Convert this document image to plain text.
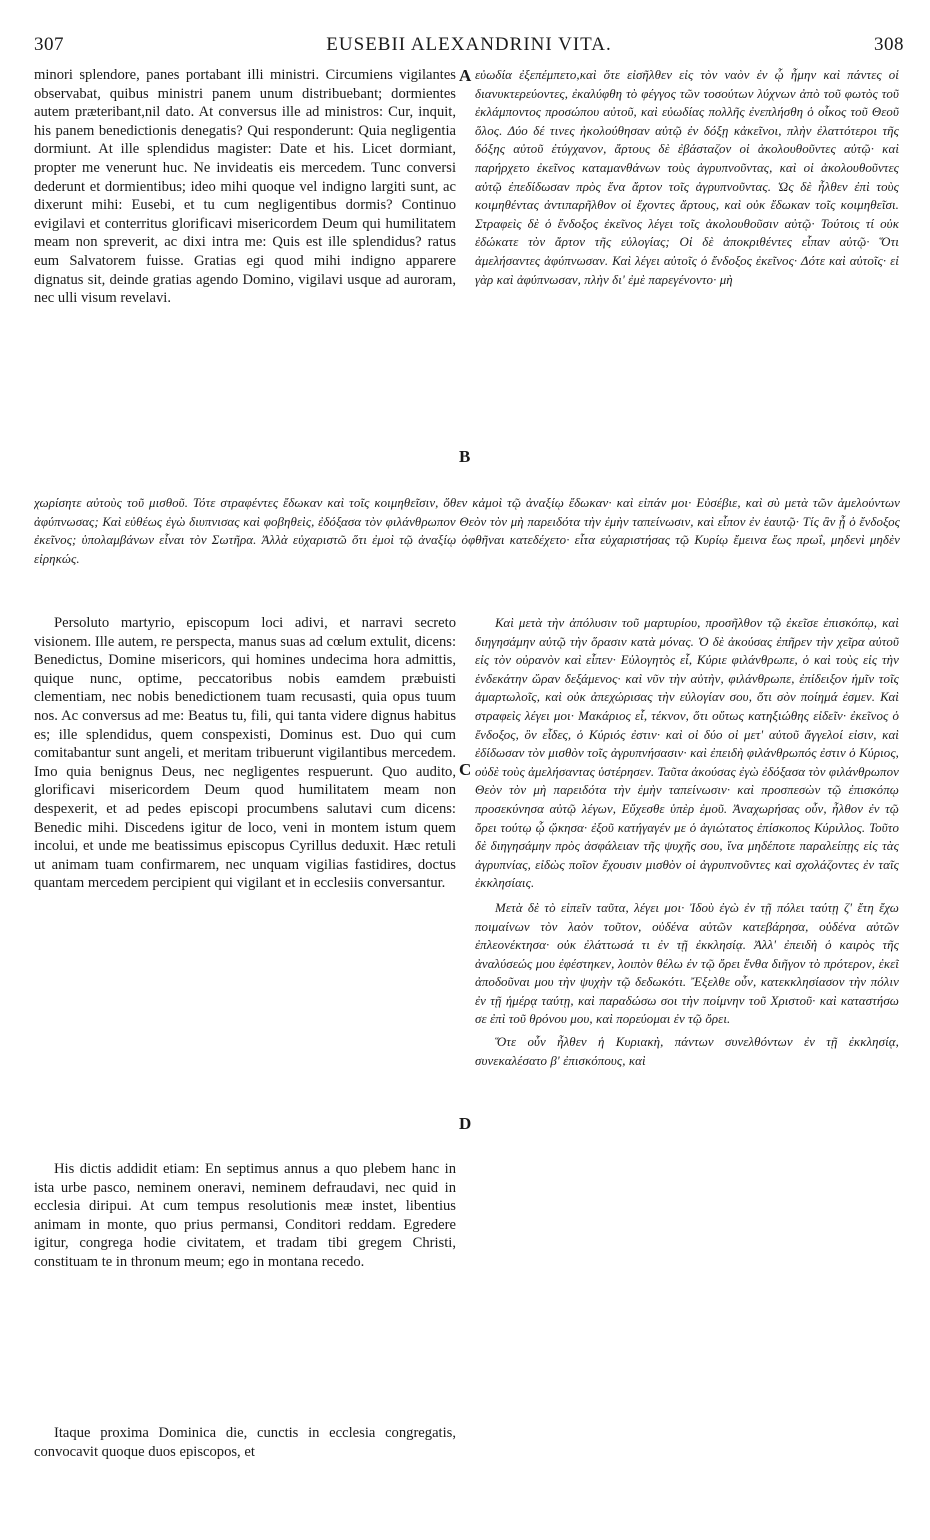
307	EUSEBII ALEXANDRINI VITA.	308

minori splendore, panes portabant illi ministri. Circumiens vigilantes observabat, quibus ministri panem unum distribuebant; dormientes autem præteribant,nil dato. At conversus ille ad ministros: Cur, inquit, his panem benedictionis denegatis? Qui responderunt: Quia negligentia dormiunt. At ille splendidus magister: Date et his. Licet dormiant, propter me venerunt huc. Ne invideatis eis mercedem. Tunc conversi dederunt et dormientibus; ideo mihi quoque vel indigno largiti sunt, ac dixerunt mihi: Eusebi, et tu cum negligentibus dormis? Continuo evigilavi et conterritus glorificavi misericordem Deum qui humilitatem meam non spreverit, ac dixi intra me: Quis est ille splendidus? ratus eum Salvatorem fuisse. Gratias egi quod mihi indigno apparere dignatus sit, deinde gratias agendo Domino, vigilavi usque ad auroram, nec ulli visum revelavi.

εὐωδία ἐξεπέμπετο,καὶ ὅτε εἰσῆλθεν εἰς τὸν ναὸν ἐν ᾧ ἦμην καὶ πάντες οἱ διανυκτερεύοντες, ἐκαλύφθη τὸ φέγγος τῶν τοσούτων λύχνων ἀπὸ τοῦ φωτὸς τοῦ ἐκλάμποντος προσώπου αὐτοῦ, καὶ εὐωδίας πολλῆς ἐνεπλήσθη ὁ οἶκος τοῦ Θεοῦ ὅλος. Δύο δέ τινες ἠκολούθησαν αὐτῷ ἐν δόξῃ κἀκεῖνοι, πλὴν ἐλαττότεροι τῆς δόξης αὐτοῦ ἐτύγχανον, ἄρτους δὲ ἐβάσταζον οἱ ἀκολουθοῦντες αὐτῷ· καὶ παρήρχετο ἐκεῖνος καταμανθάνων τοὺς ἀγρυπνοῦντας, καὶ οἱ ἀκολουθοῦντες αὐτῷ ἐπεδίδωσαν πρὸς ἕνα ἄρτον τοῖς ἀγρυπνοῦντας. Ὡς δὲ ἦλθεν ἐπὶ τοὺς κοιμηθέντας ἀντιπαρῆλθον οἱ ἔχοντες ἄρτους, καὶ οὐκ ἔδωκαν τοῖς κοιμηθεῖσι. Στραφεὶς δὲ ὁ ἔνδοξος ἐκεῖνος λέγει τοῖς ἀκολουθοῦσιν αὐτῷ· Τούτοις τί οὐκ ἐδώκατε τὸν ἄρτον τῆς εὐλογίας; Οἱ δὲ ἀποκριθέντες εἶπαν αὐτῷ· Ὅτι ἀμελήσαντες ἀφύπνωσαν. Καὶ λέγει αὐτοῖς ὁ ἔνδοξος ἐκεῖνος· Δότε καὶ αὐτοῖς· εἰ γὰρ καὶ ἀφύπνωσαν, πλὴν δι' ἐμὲ παρεγένοντο· μὴ

χωρίσητε αὐτοὺς τοῦ μισθοῦ. Τότε στραφέντες ἔδωκαν καὶ τοῖς κοιμηθεῖσιν, ὅθεν κἀμοὶ τῷ ἀναξίῳ ἔδωκαν· καὶ εἰπάν μοι· Εὐσέβιε, καὶ σὺ μετὰ τῶν ἀμελούντων ἀφύπνωσας; Καὶ εὐθέως ἐγὼ διυπνισας καὶ φοβηθεὶς, ἐδόξασα τὸν φιλάνθρωπον Θεὸν τὸν μὴ παρειδότα τὴν ἐμὴν ταπείνωσιν, καὶ εἶπον ἐν ἑαυτῷ· Τίς ἂν ᾖ ὁ ἔνδοξος ἐκεῖνος; ὑπολαμβάνων εἶναι τὸν Σωτῆρα. Ἀλλὰ εὐχαριστῶ ὅτι ἐμοὶ τῷ ἀναξίῳ ὀφθῆναι κατεδέχετο· εἶτα εὐχαριστήσας τῷ Κυρίῳ ἔμεινα ἕως πρωΐ, μηδενὶ μηδὲν εἰρηκώς.

Persoluto martyrio, episcopum loci adivi, et narravi secreto visionem. Ille autem, re perspecta, manus suas ad cœlum extulit, dicens: Benedictus, Domine misericors, qui homines undecima hora admittis, quique nunc, optime, peccatoribus nobis eamdem præbuisti clementiam, nec nobis benedictionem tuam recusasti, quia opus tuum nos. Ac conversus ad me: Beatus tu, fili, qui tanta videre dignus habitus es; ille splendidus, quem conspexisti, Dominus est. Duo qui cum comitabantur sunt angeli, et meritam tribuerunt vigilantibus mercedem. Imo quia benignus Deus, nec negligentes respuerunt. Quo audito, glorificavi misericordem Deum quod humilitatem meam non despexerit, et ad pedes episcopi procumbens salutavi cum dicens: Benedic mihi. Discedens igitur de loco, veni in montem istum quem incolui, et unde me beatissimus episcopus Cyrillus deduxit. Hæc retuli ut animam tuam confirmarem, nec unquam vigilias fastidires, doctus quantam mercedem percipient qui vigilant et in ecclesiis conversantur.

His dictis addidit etiam: En septimus annus a quo plebem hanc in ista urbe pasco, neminem oneravi, neminem defraudavi, nec quid in ecclesia diripui. At cum tempus resolutionis meæ instet, libentius animam in monte, quo prius permansi, Conditori reddam. Egredere igitur, congrega hodie civitatem, et tradam tibi gregem Christi, constituam te in thronum meum; ego in montana recedo.

Itaque proxima Dominica die, cunctis in ecclesia congregatis, convocavit quoque duos episcopos, et

Καὶ μετὰ τὴν ἀπόλυσιν τοῦ μαρτυρίου, προσῆλθον τῷ ἐκεῖσε ἐπισκόπῳ, καὶ διηγησάμην αὐτῷ τὴν ὅρασιν κατὰ μόνας. Ὁ δὲ ἀκούσας ἐπῆρεν τὴν χεῖρα αὐτοῦ εἰς τὸν οὐρανὸν καὶ εἶπεν· Εὐλογητὸς εἶ, Κύριε φιλάνθρωπε, ὁ καὶ τοὺς εἰς τὴν ἑνδεκάτην ὥραν δεξάμενος· καὶ νῦν τὴν αὐτὴν, φιλάνθρωπε, ἐπίδειξον ἡμῖν τοῖς ἁμαρτωλοῖς, καὶ οὐκ ἀπεχώρισας τὴν εὐλογίαν σου, ὅτι σὸν ποίημά ἐσμεν. Καὶ στραφεὶς λέγει μοι· Μακάριος εἶ, τέκνον, ὅτι οὕτως κατηξιώθης εἰδεῖν· ἐκεῖνος ὁ ἔνδοξος, ὃν εἶδες, ὁ Κύριός ἐστιν· καὶ οἱ δύο οἱ μετ' αὐτοῦ ἄγγελοί εἰσιν, καὶ ἐδίδωσαν τὸν μισθὸν τοῖς ἀγρυπνήσασιν· καὶ ἐπειδὴ φιλάνθρωπός ἐστιν ὁ Κύριος, οὐδὲ τοὺς ἀμελήσαντας ὑστέρησεν. Ταῦτα ἀκούσας ἐγὼ ἐδόξασα τὸν φιλάνθρωπον Θεὸν τὸν μὴ παρειδότα τὴν ἐμὴν ταπείνωσιν· καὶ προσπεσὼν τῷ ἐπισκόπῳ προσεκύνησα αὐτῷ λέγων, Εὔχεσθε ὑπὲρ ἐμοῦ. Ἀναχωρήσας οὖν, ἦλθον ἐν τῷ ὄρει τούτῳ ᾧ ᾤκησα· ἐξοῦ κατήγαγέν με ὁ ἁγιώτατος ἐπίσκοπος Κύριλλος. Τοῦτο δὲ διηγησάμην πρὸς ἀσφάλειαν τῆς ψυχῆς σου, ἵνα μηδέποτε παραλείπῃς εἰς τὰς ἀγρυπνίας, εἰδὼς ποῖον ἔχουσιν μισθὸν οἱ ἀγρυπνοῦντες καὶ σχολάζοντες ἐν ταῖς ἐκκλησίαις.

Μετὰ δὲ τὸ εἰπεῖν ταῦτα, λέγει μοι· Ἰδοὺ ἐγὼ ἐν τῇ πόλει ταύτῃ ζ' ἔτη ἔχω ποιμαίνων τὸν λαὸν τοῦτον, οὐδένα αὐτῶν κατεβάρησα, οὐδένα αὐτῶν ἐπλεονέκτησα· οὐκ ἐλάττωσά τι ἐν τῇ ἐκκλησίᾳ. Ἀλλ' ἐπειδὴ ὁ καιρὸς τῆς ἀναλύσεώς μου ἐφέστηκεν, λοιπὸν θέλω ἐν τῷ ὄρει ἔνθα διῆγον τὸ πρότερον, ἐκεῖ ἀποδοῦναι μου τὴν ψυχὴν τῷ δεδωκότι. Ἔξελθε οὖν, κατεκκλησίασον τὴν πόλιν ἐν τῇ ἡμέρᾳ ταύτῃ, καὶ παραδώσω σοι τὴν ποίμνην τοῦ Χριστοῦ· καὶ καταστήσω σε ἐπὶ τοῦ θρόνου μου, καὶ πορεύομαι ἐν τῷ ὄρει.

Ὅτε οὖν ἦλθεν ἡ Κυριακὴ, πάντων συνελθόντων ἐν τῇ ἐκκλησίᾳ, συνεκαλέσατο β' ἐπισκόπους, καὶ

A
B
C
D
